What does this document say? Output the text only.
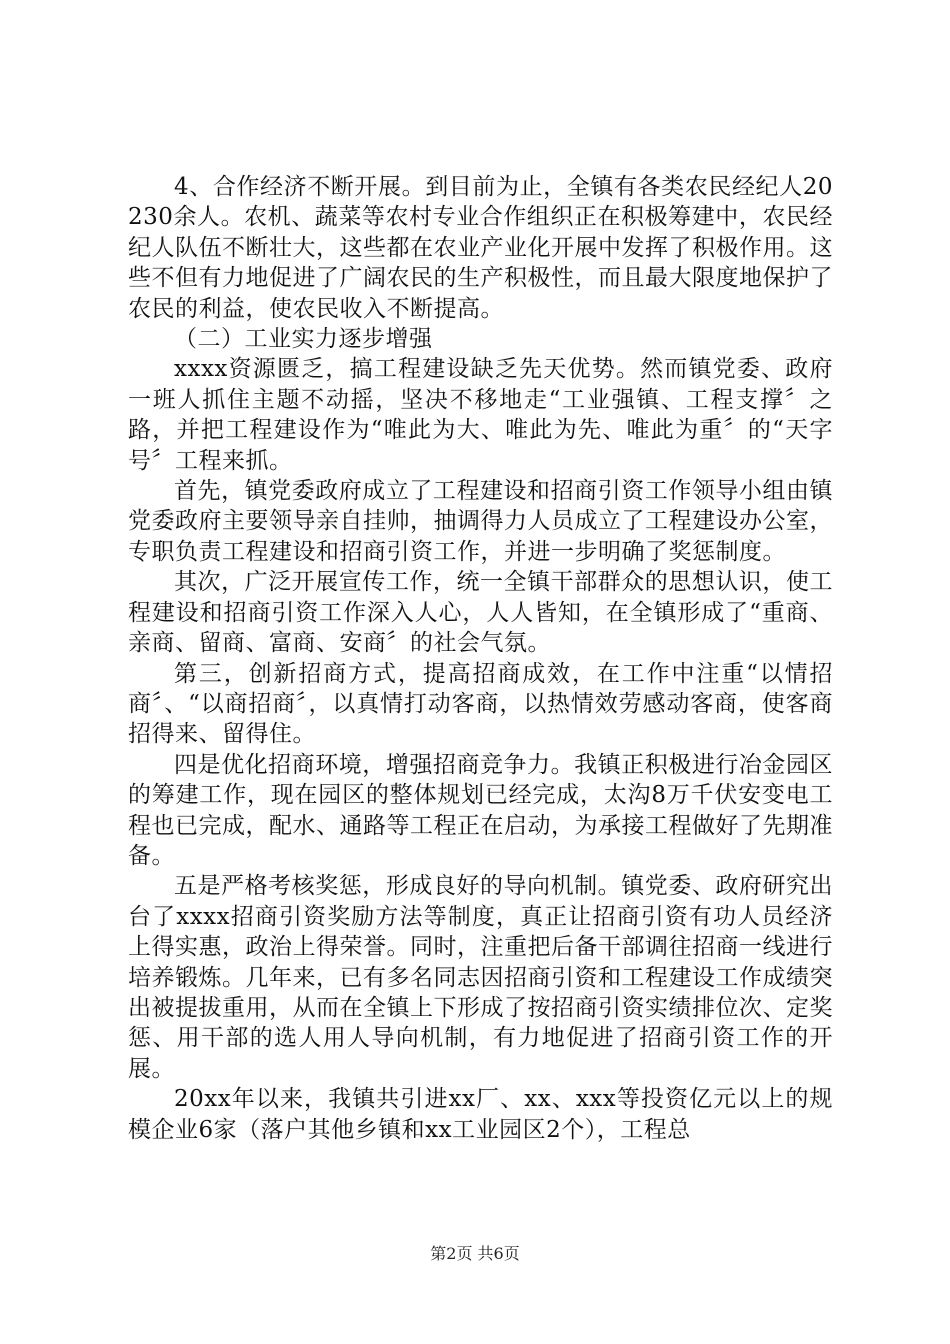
4、合作经济不断开展。到目前为止，全镇有各类农民经纪人20230余人。农机、蔬菜等农村专业合作组织正在积极筹建中，农民经纪人队伍不断壮大，这些都在农业产业化开展中发挥了积极作用。这些不但有力地促进了广阔农民的生产积极性，而且最大限度地保护了农民的利益，使农民收入不断提高。

（二）工业实力逐步增强

xxxx资源匮乏，搞工程建设缺乏先天优势。然而镇党委、政府一班人抓住主题不动摇，坚决不移地走“工业强镇、工程支撑〞之路，并把工程建设作为“唯此为大、唯此为先、唯此为重〞的“天字号〞工程来抓。

首先，镇党委政府成立了工程建设和招商引资工作领导小组由镇党委政府主要领导亲自挂帅，抽调得力人员成立了工程建设办公室，专职负责工程建设和招商引资工作，并进一步明确了奖惩制度。

其次，广泛开展宣传工作，统一全镇干部群众的思想认识，使工程建设和招商引资工作深入人心，人人皆知，在全镇形成了“重商、亲商、留商、富商、安商〞的社会气氛。

第三，创新招商方式，提高招商成效，在工作中注重“以情招商〞、“以商招商〞，以真情打动客商，以热情效劳感动客商，使客商招得来、留得住。

四是优化招商环境，增强招商竞争力。我镇正积极进行冶金园区的筹建工作，现在园区的整体规划已经完成，太沟8万千伏安变电工程也已完成，配水、通路等工程正在启动，为承接工程做好了先期准备。

五是严格考核奖惩，形成良好的导向机制。镇党委、政府研究出台了xxxx招商引资奖励方法等制度，真正让招商引资有功人员经济上得实惠，政治上得荣誉。同时，注重把后备干部调往招商一线进行培养锻炼。几年来，已有多名同志因招商引资和工程建设工作成绩突出被提拔重用，从而在全镇上下形成了按招商引资实绩排位次、定奖惩、用干部的选人用人导向机制，有力地促进了招商引资工作的开展。

20xx年以来，我镇共引进xx厂、xx、xxx等投资亿元以上的规模企业6家（落户其他乡镇和xx工业园区2个），工程总

第2页 共6页
